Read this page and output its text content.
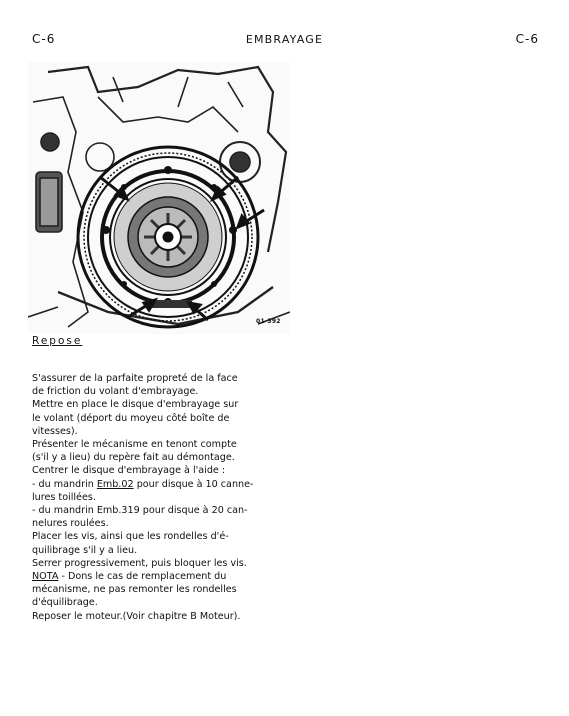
C-6	EMBRAYAGE	C-6
01 392
Repose

S'assurer de la parfaite propreté de la face

de friction du volant d'embrayage.

Mettre en place le disque d'embrayage sur

le volant (déport du moyeu côté boîte de

vitesses).

Présenter le mécanisme en tenont compte

(s'il y a lieu) du repère fait au démontage.

Centrer le disque d'embrayage à l'aide :

- du mandrin Emb.02 pour disque à 10 canne-

lures toillées.

- du mandrin Emb.319 pour disque à 20 can-

nelures roulées.

Placer les vis, ainsi que les rondelles d'é-

quilibrage s'il y a lieu.

Serrer progressivement, puis bloquer les vis.

NOTA - Dons le cas de remplacement du

mécanisme, ne pas remonter les rondelles

d'équilibrage.

Reposer le moteur.(Voir chapitre B Moteur).
